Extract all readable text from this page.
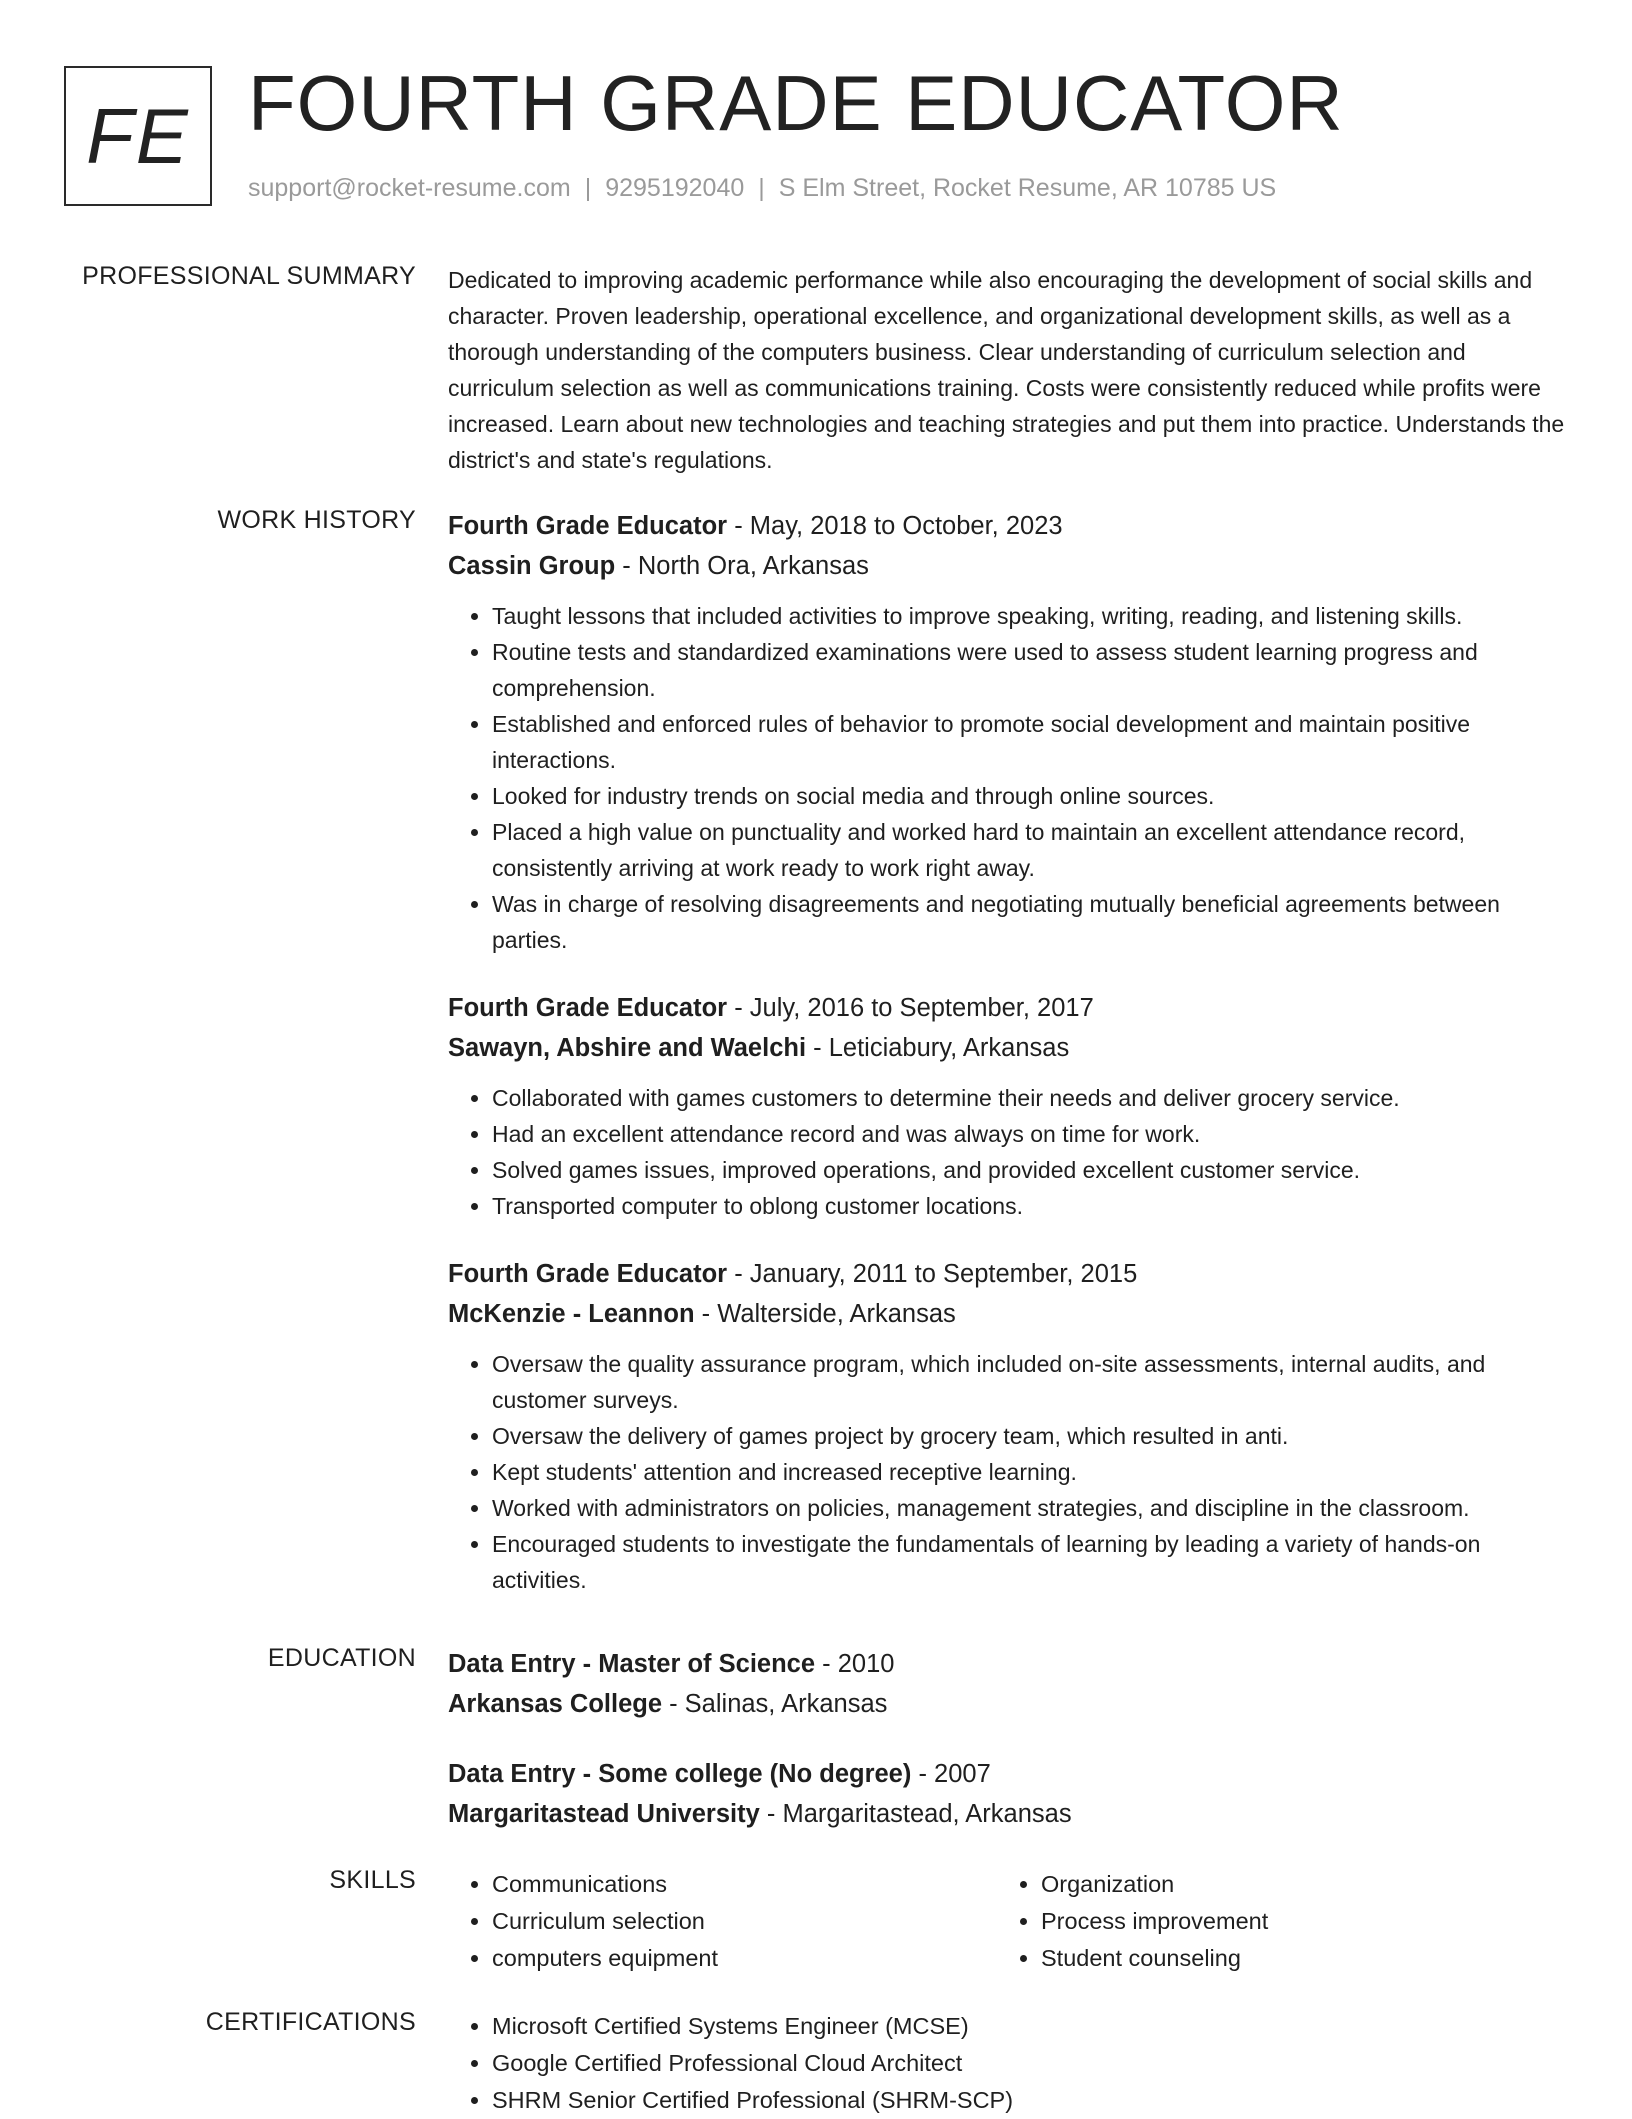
FE FOURTH GRADE EDUCATOR
support@rocket-resume.com | 9295192040 | S Elm Street, Rocket Resume, AR 10785 US
PROFESSIONAL SUMMARY Dedicated to improving academic performance while also encouraging the development of social skills and character. Proven leadership, operational excellence, and organizational development skills, as well as a thorough understanding of the computers business. Clear understanding of curriculum selection and curriculum selection as well as communications training. Costs were consistently reduced while profits were increased. Learn about new technologies and teaching strategies and put them into practice. Understands the district's and state's regulations.

WORK HISTORY Fourth Grade Educator - May, 2018 to October, 2023
Cassin Group - North Ora, Arkansas
• Taught lessons that included activities to improve speaking, writing, reading, and listening skills.
• Routine tests and standardized examinations were used to assess student learning progress and comprehension.
• Established and enforced rules of behavior to promote social development and maintain positive interactions.
• Looked for industry trends on social media and through online sources.
• Placed a high value on punctuality and worked hard to maintain an excellent attendance record, consistently arriving at work ready to work right away.
• Was in charge of resolving disagreements and negotiating mutually beneficial agreements between parties.
Fourth Grade Educator - July, 2016 to September, 2017
Sawayn, Abshire and Waelchi - Leticiabury, Arkansas
• Collaborated with games customers to determine their needs and deliver grocery service.
• Had an excellent attendance record and was always on time for work.
• Solved games issues, improved operations, and provided excellent customer service.
• Transported computer to oblong customer locations.
Fourth Grade Educator - January, 2011 to September, 2015
McKenzie - Leannon - Walterside, Arkansas
• Oversaw the quality assurance program, which included on-site assessments, internal audits, and customer surveys.
• Oversaw the delivery of games project by grocery team, which resulted in anti.
• Kept students' attention and increased receptive learning.
• Worked with administrators on policies, management strategies, and discipline in the classroom.
• Encouraged students to investigate the fundamentals of learning by leading a variety of hands-on activities.
EDUCATION Data Entry - Master of Science - 2010
Arkansas College - Salinas, Arkansas
Data Entry - Some college (No degree) - 2007
Margaritastead University - Margaritastead, Arkansas
SKILLS	• Communications
• Curriculum selection
• computers equipment
• Organization
• Process improvement
• Student counseling
CERTIFICATIONS	• Microsoft Certified Systems Engineer (MCSE)
• Google Certified Professional Cloud Architect
• SHRM Senior Certified Professional (SHRM-SCP)
